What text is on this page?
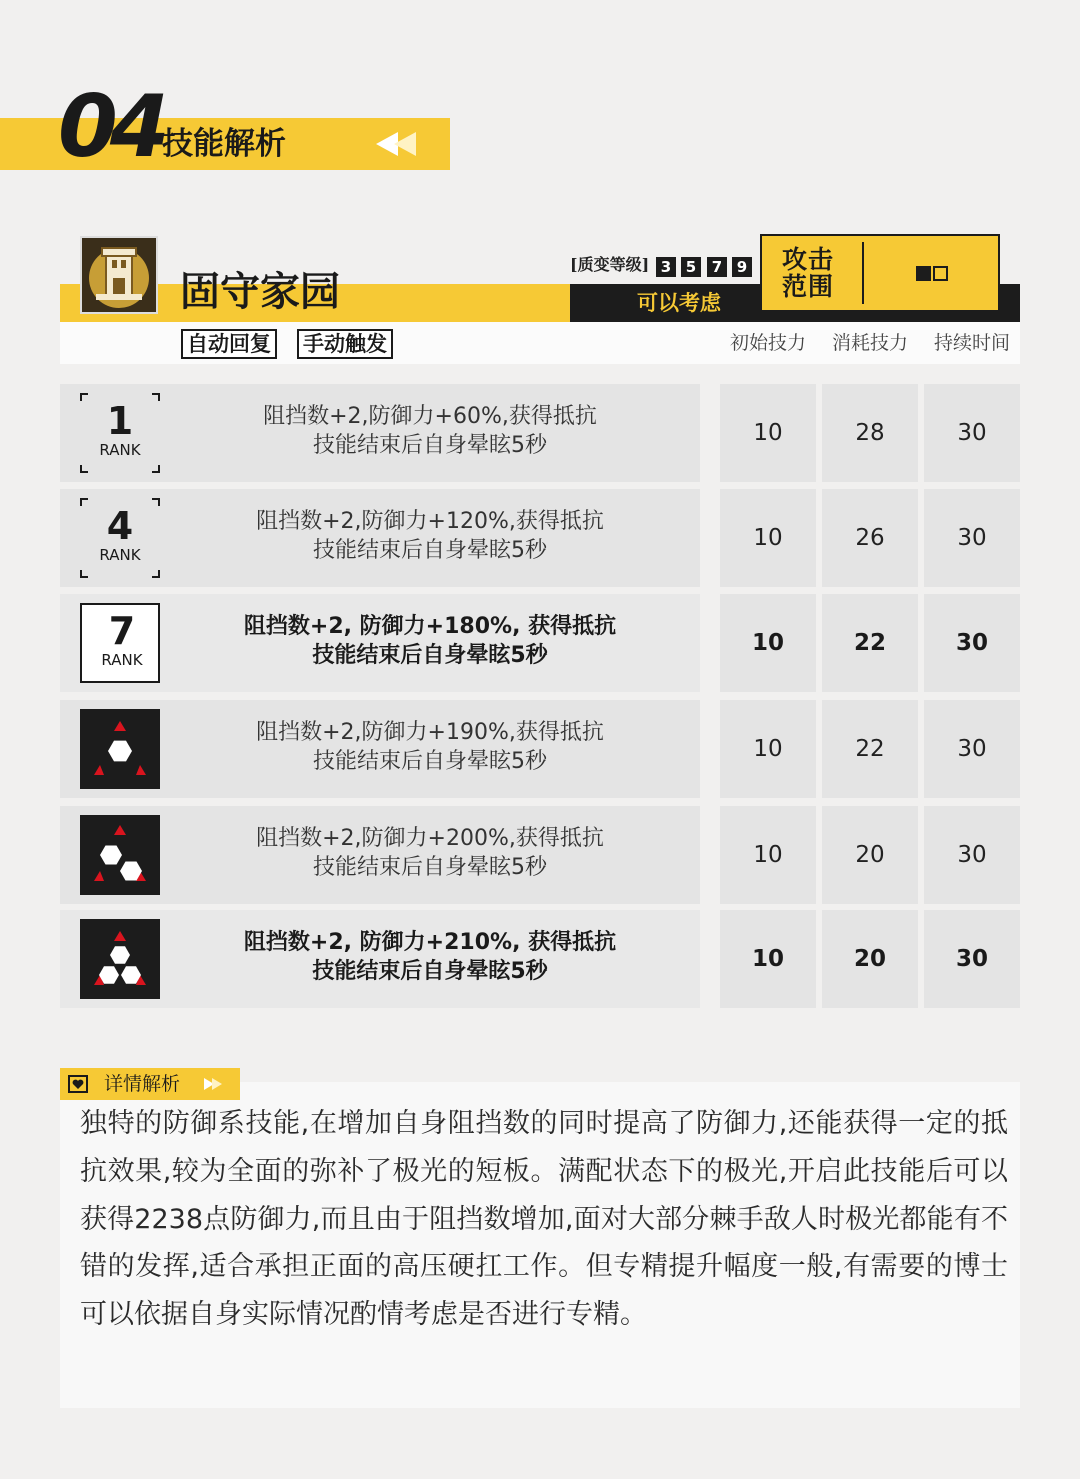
04 技能解析
固守家园
自动回复 手动触发
[质变等级] 3 5	7 9
可以考虑
攻击范围
初始技力	消耗技力	持续时间
1
RANK
阻挡数+2,防御力+60%,获得抵抗
技能结束后自身晕眩5秒	10	28	30
4
RANK
阻挡数+2,防御力+120%,获得抵抗
技能结束后自身晕眩5秒	10	26	30
7
RANK
阻挡数+2, 防御力+180%, 获得抵抗
技能结束后自身晕眩5秒	10	22	30
阻挡数+2,防御力+190%,获得抵抗
技能结束后自身晕眩5秒	10	22	30
阻挡数+2,防御力+200%,获得抵抗
技能结束后自身晕眩5秒	10	20	30
阻挡数+2, 防御力+210%, 获得抵抗
技能结束后自身晕眩5秒	10	20	30
详情解析
独特的防御系技能,在增加自身阻挡数的同时提高了防御力,还能获得一定的抵抗效果,较为全面的弥补了极光的短板。满配状态下的极光,开启此技能后可以获得2238点防御力,而且由于阻挡数增加,面对大部分棘手敌人时极光都能有不错的发挥,适合承担正面的高压硬扛工作。但专精提升幅度一般,有需要的博士可以依据自身实际情况酌情考虑是否进行专精。
